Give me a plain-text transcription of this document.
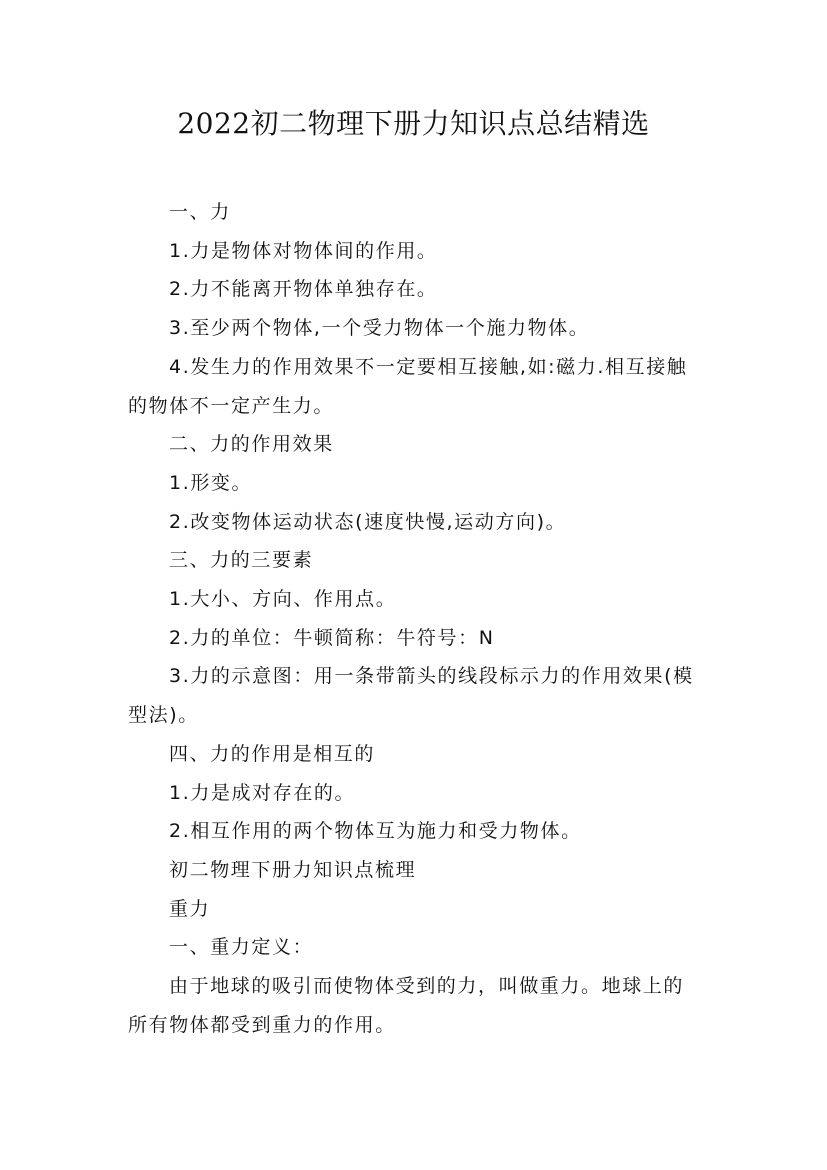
2022初二物理下册力知识点总结精选

一、力

1.力是物体对物体间的作用。

2.力不能离开物体单独存在。

3.至少两个物体,一个受力物体一个施力物体。

4.发生力的作用效果不一定要相互接触,如:磁力.相互接触的物体不一定产生力。

二、力的作用效果

1.形变。

2.改变物体运动状态(速度快慢,运动方向)。

三、力的三要素

1.大小、方向、作用点。

2.力的单位：牛顿简称：牛符号：N

3.力的示意图：用一条带箭头的线段标示力的作用效果(模型法)。

四、力的作用是相互的

1.力是成对存在的。

2.相互作用的两个物体互为施力和受力物体。

初二物理下册力知识点梳理

重力

一、重力定义：

由于地球的吸引而使物体受到的力，叫做重力。地球上的所有物体都受到重力的作用。
